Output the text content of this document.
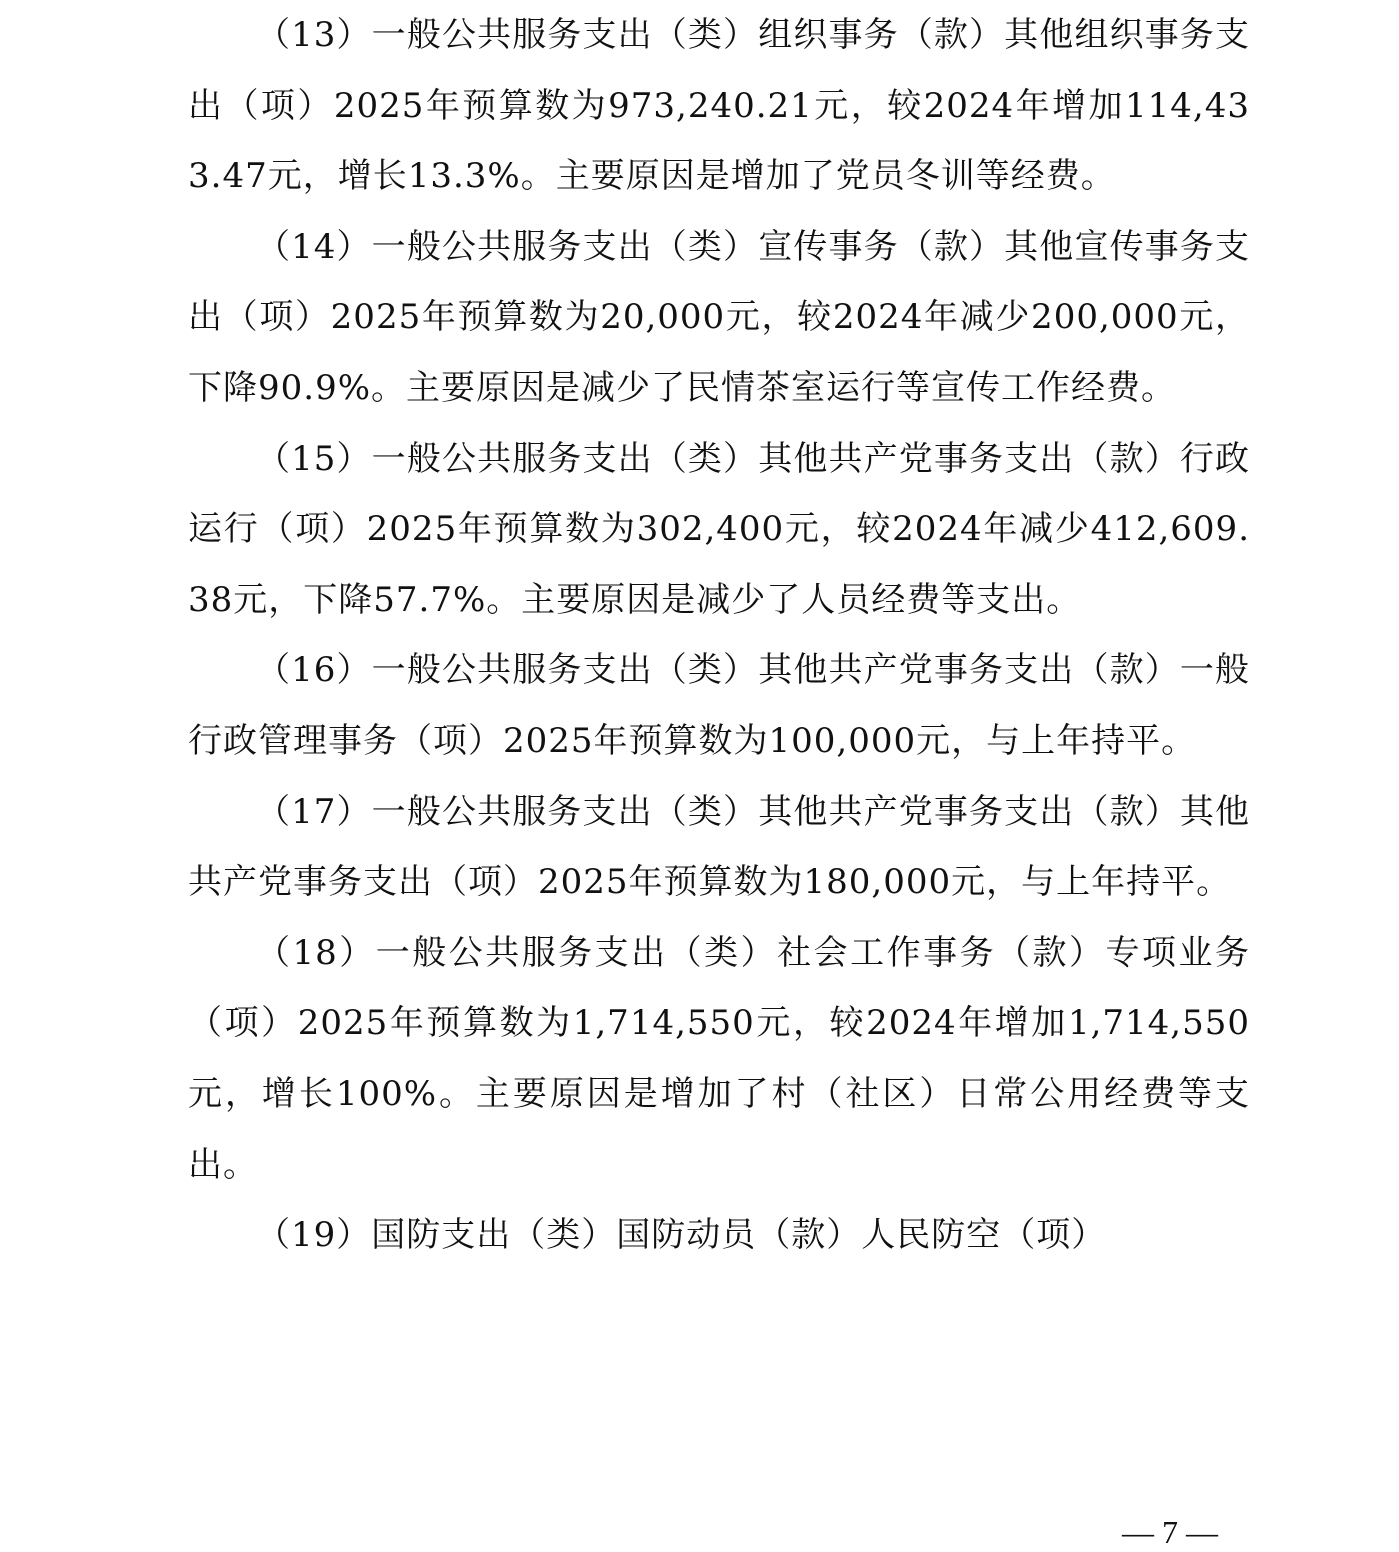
（13）一般公共服务支出（类）组织事务（款）其他组织事务支出（项）2025年预算数为973,240.21元，较2024年增加114,433.47元，增长13.3%。主要原因是增加了党员冬训等经费。

（14）一般公共服务支出（类）宣传事务（款）其他宣传事务支出（项）2025年预算数为20,000元，较2024年减少200,000元，下降90.9%。主要原因是减少了民情茶室运行等宣传工作经费。

（15）一般公共服务支出（类）其他共产党事务支出（款）行政运行（项）2025年预算数为302,400元，较2024年减少412,609.38元，下降57.7%。主要原因是减少了人员经费等支出。

（16）一般公共服务支出（类）其他共产党事务支出（款）一般行政管理事务（项）2025年预算数为100,000元，与上年持平。

（17）一般公共服务支出（类）其他共产党事务支出（款）其他共产党事务支出（项）2025年预算数为180,000元，与上年持平。

（18）一般公共服务支出（类）社会工作事务（款）专项业务（项）2025年预算数为1,714,550元，较2024年增加1,714,550元，增长100%。主要原因是增加了村（社区）日常公用经费等支出。

（19）国防支出（类）国防动员（款）人民防空（项）

— 7 —
